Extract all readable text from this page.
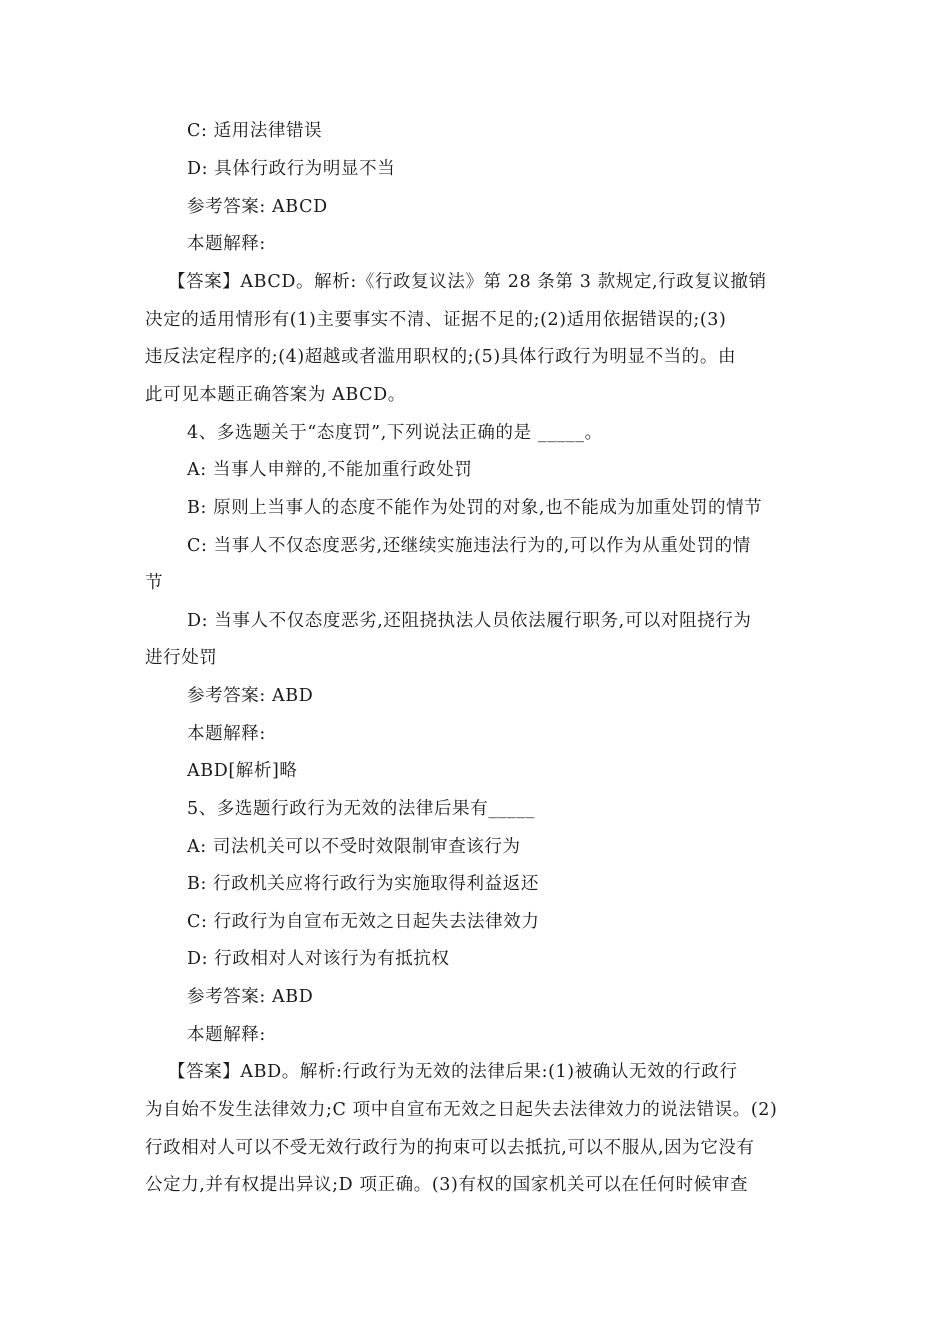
C: 适用法律错误
D: 具体行政行为明显不当
参考答案: ABCD
本题解释:
【答案】ABCD。解析:《行政复议法》第 28 条第 3 款规定,行政复议撤销
决定的适用情形有(1)主要事实不清、证据不足的;(2)适用依据错误的;(3)
违反法定程序的;(4)超越或者滥用职权的;(5)具体行政行为明显不当的。由
此可见本题正确答案为 ABCD。
4、多选题关于“态度罚”,下列说法正确的是 _____。
A: 当事人申辩的,不能加重行政处罚
B: 原则上当事人的态度不能作为处罚的对象,也不能成为加重处罚的情节
C: 当事人不仅态度恶劣,还继续实施违法行为的,可以作为从重处罚的情
节
D: 当事人不仅态度恶劣,还阻挠执法人员依法履行职务,可以对阻挠行为
进行处罚
参考答案: ABD
本题解释:
ABD[解析]略
5、多选题行政行为无效的法律后果有_____
A: 司法机关可以不受时效限制审查该行为
B: 行政机关应将行政行为实施取得利益返还
C: 行政行为自宣布无效之日起失去法律效力
D: 行政相对人对该行为有抵抗权
参考答案: ABD
本题解释:
【答案】ABD。解析:行政行为无效的法律后果:(1)被确认无效的行政行
为自始不发生法律效力;C 项中自宣布无效之日起失去法律效力的说法错误。(2)
行政相对人可以不受无效行政行为的拘束可以去抵抗,可以不服从,因为它没有
公定力,并有权提出异议;D 项正确。(3)有权的国家机关可以在任何时候审查
